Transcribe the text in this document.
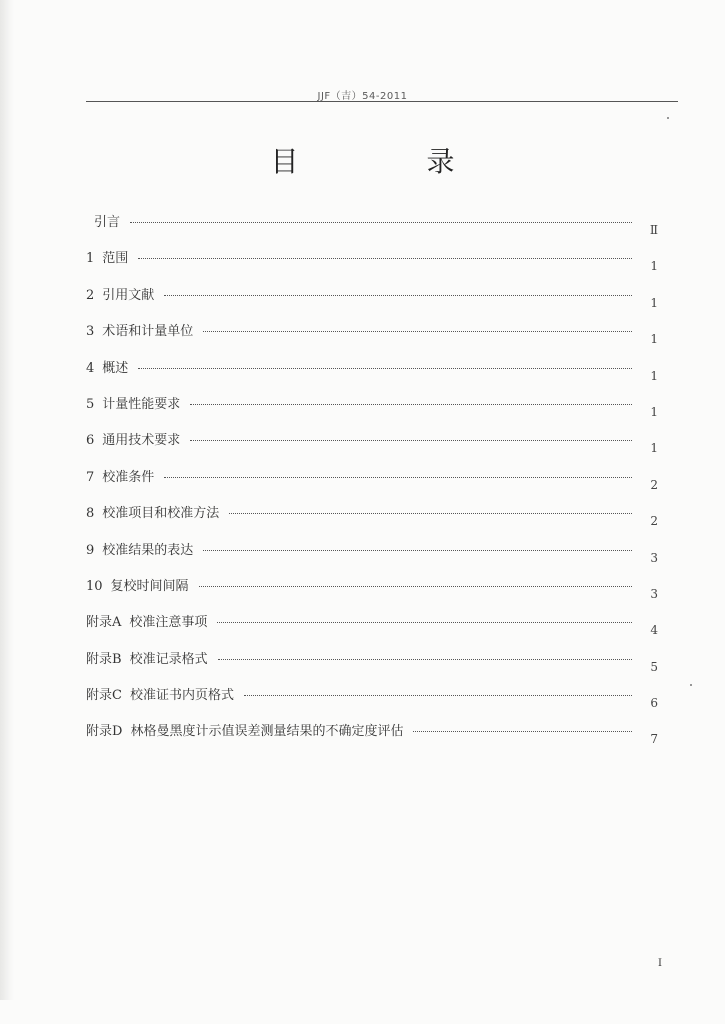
JJF（吉）54-2011
目　录
引言	Ⅱ
1 范围	1
2 引用文献	1
3 术语和计量单位	1
4 概述	1
5 计量性能要求	1
6 通用技术要求	1
7 校准条件	2
8 校准项目和校准方法	2
9 校准结果的表达	3
10 复校时间间隔	3
附录A 校准注意事项	4
附录B 校准记录格式	5
附录C 校准证书内页格式	6
附录D 林格曼黑度计示值误差测量结果的不确定度评估	7
I
